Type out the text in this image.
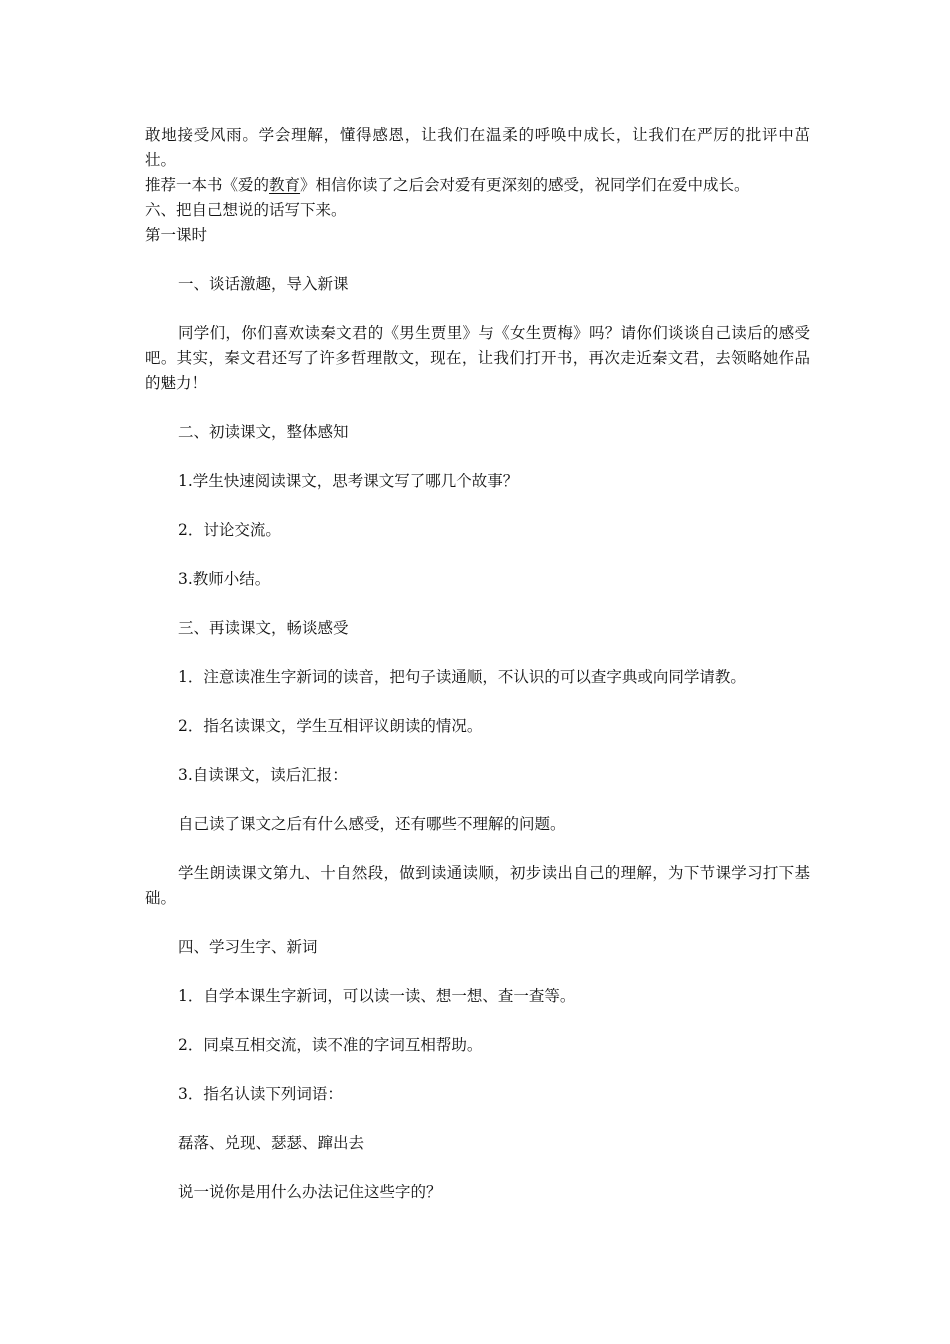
敢地接受风雨。学会理解，懂得感恩，让我们在温柔的呼唤中成长，让我们在严厉的批评中茁壮。

推荐一本书《爱的教育》相信你读了之后会对爱有更深刻的感受，祝同学们在爱中成长。

六、把自己想说的话写下来。

第一课时

一、谈话激趣，导入新课

同学们，你们喜欢读秦文君的《男生贾里》与《女生贾梅》吗？请你们谈谈自己读后的感受吧。其实，秦文君还写了许多哲理散文，现在，让我们打开书，再次走近秦文君，去领略她作品的魅力！

二、初读课文，整体感知

1.学生快速阅读课文，思考课文写了哪几个故事？

2．讨论交流。

3.教师小结。

三、再读课文，畅谈感受

1．注意读准生字新词的读音，把句子读通顺，不认识的可以查字典或向同学请教。

2．指名读课文，学生互相评议朗读的情况。

3.自读课文，读后汇报：

自己读了课文之后有什么感受，还有哪些不理解的问题。

学生朗读课文第九、十自然段，做到读通读顺，初步读出自己的理解，为下节课学习打下基础。

四、学习生字、新词

1．自学本课生字新词，可以读一读、想一想、查一查等。

2．同桌互相交流，读不准的字词互相帮助。

3．指名认读下列词语：

磊落、兑现、瑟瑟、蹿出去

说一说你是用什么办法记住这些字的？
